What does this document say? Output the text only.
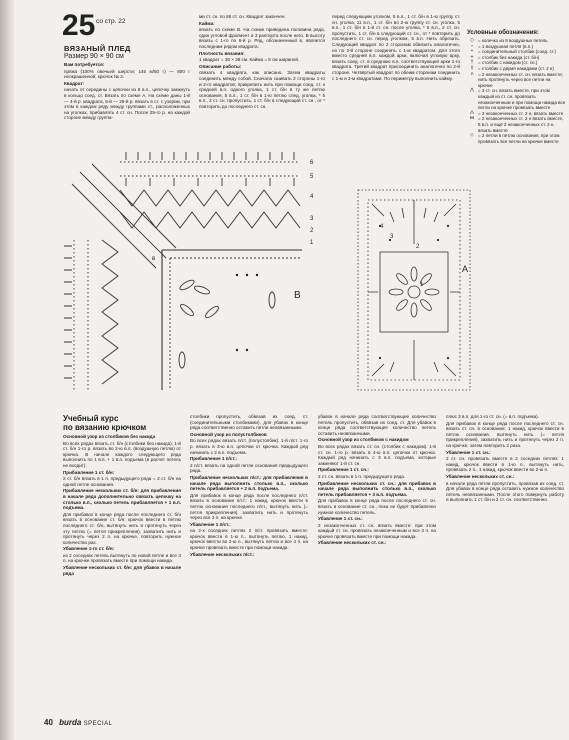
25 со стр. 22
ВЯЗАНЫЙ ПЛЕД
Размер 90 × 90 см

Вам потребуется:

пряжа (100% овечьей шерсти; 145 м/50 г) — 800 г неокрашенной; крючок № 3.

Квадрат:

начать от середины с цепочки из 8 в.п., цепочку замкнуть в кольцо соед. ст. Вязать по схеме А. На схеме даны 1-й — 4-й р. квадрата, 5-й — 25-й р. вязать в ст. с узором, при этом в каждом ряду между группами ст., расположенных на уголках, прибавлять 4 ст. сн. После 25-го р. на каждой стороне между группа-

ми ст. сн. по 85 ст. сн. Квадрат закончен.

Кайма:

вязать по схеме В. На схеме приведена половина ряда, один угловой фрагмент и 3 раппорта после него. В высоту вязать с 1-го по 6-й р. Ряд, обозначенный в, является последним рядом квадрата.

Плотность вязания:

1 квадрат = 38 × 38 см. Кайма = 6 см шириной.

Описание работы:

связать 4 квадрата, как описано. Затем квадраты соединить между собой. Сначала сшивать 2 стороны 1-го и 2-го квадратов; прикрепить нить при помощи соед. ст. к средней в.п. одного уголка, 1 ст. б/н в ту же петлю основания, 5 в.п., 1 ст. б/н в 1-ю петлю след. уголка, * 5 в.п., 2 ст. сн. пропустить, 1 ст. б/н в следующий ст. сн., от * повторить до последнего ст. сн.

перед следующим уголком, 5 в.п., 1 ст. б/н в 1-ю группу ст. сн. уголка, 11 в.п., 1 ст. б/н во 2-ю группу ст. сн. уголка, 5 в.п., 1 ст. б/н в 1-й ст. сн. после уголка, * 5 в.п., 2 ст. сн. пропустить, 1 ст. б/н в следующий ст. сн., от * повторить до последнего ст. сн. перед уголком, 5 в.п. Нить обрезать. Следующий квадрат по 2 сторонам обвязать аналогично, но по 2-й стороне соединять с 1-м квадратом. Для этого вместо средней в.п. каждой арки, включая угловую арку, вязать соед. ст. в среднюю в.п. соответствующей арки 1-го квадрата. Третий квадрат присоединить аналогично по 2-й стороне. Четвёртый квадрат по обеим сторонам соединить с 1-м и 3-м квадратами. По периметру выполнить кайму.

Условные обозначения:
○ = колечко из 8 воздушных петель
∘	= 1 воздушная петля (в.п.)
•	= соединительный столбик (соед. ст.)
+ = столбик без накида (ст. б/н)
†	= столбик с накидом (ст. сн.)
‡	= столбик с двумя накидами (ст. 2 н)
∩ = 2 незаконченных ст. сн. вязать вместе; нить протянуть через все петли на крючке
⋀ = 3 ст. сн. вязать вместе, при этом каждый из ст. сн. провязать незаконченным и при помощи накида все петли на крючке провязать вместе
⁂ = 3 незаконченных ст. 2 н, вязать вместе
⋈ = 2 незаконченных ст. 2 н вязать вместе, 5 в.п. и ещё 2 незаконченных ст. 2 н, вязать вместе
◇ = 2 петли в петлю основания, при этом провязать все петли на крючке вместе
B
в
6
5
4
3
2
1
4
3
2
1
A
Учебный курс
по вязанию крючком

Основной узор из столбиков без накида

Во всех рядах вязать ст. б/н (столбики без накида). 1-й ст. б/н 1-го р. вязать во 2-ю в.п. (воздушную петлю) от крючка. В начале каждого следующего ряда выполнить по 1 в.п. + 1 в.п. подъема (в расчет петель не входит).

Прибавление 1 ст. б/н:

2 ст. б/н вязать в 1 п. предыдущего ряда = 2 ст. б/н на одной петле основания.

Прибавление нескольких ст. б/н: для прибавления в начале ряда дополнительно связать цепочку на столько в.п., сколько петель прибавляется + 1 в.п. подъема.

Для прибавок в конце ряда после последнего ст. б/н вязать в основание ст. б/н: крючок ввести в петлю последнего ст. б/н, вытянуть нить и протянуть через эту петлю (= петля прикрепления), захватить нить и протянуть через 2 п. на крючке, повторить нужное количество раз.

Убавление 1-го ст. б/н:

из 2 соседних петель вытянуть по новой петле и все 3 п. на крючке провязать вместе при помощи накида.

Убавление нескольких ст. б/н: для убавок в начале ряда

столбики пропустить, обвязав их соед. ст. (соединительными столбиками), для убавок в конце ряда соответственно оставить петли неовязанными.

Основной узор из полустолбиков

Во всех рядах вязать п/ст. (полустолбик). 1-й п/ст. 1-го р. вязать в 3-ю в.п. цепочки от крючка. Каждый ряд начинать с 2 в.п. подъема.

Прибавление 1 п/ст.:

2 п/ст. вязать на одной петле основания предыдущего ряда.

Прибавление нескольких п/ст.: для прибавления в начале ряда выполнить столько в.п., сколько петель прибавляется + 2 в.п. подъема.

Для прибавок в конце ряда после последнего п/ст. вязать в основание п/ст.: 1 накид, крючок ввести в петлю основания последнего п/ст., вытянуть нить (= петля прикрепления), захватить нить и протянуть через все 3 п. на крючке.

Убавление 1 п/ст.:

на 2-х соседних петлях 2 п/ст. провязать вместе: крючок ввести в 1-ю п., вытянуть петлю, 1 накид, крючок ввести во 2-ю п., вытянуть петлю и все 4 п. на крючке провязать вместе при помощи накида.

Убавление нескольких п/ст.:

убавок в начале ряда соответствующее количество петель пропустить, обвязав их соед. ст. Для убавок в конце ряда соответствующее количество петель оставить неовязанными.

Основной узор из столбиков с накидом

Во всех рядах вязать ст. сн. (столбик с накидом). 1-й ст. сн. 1-го р. вязать в 4-ю в.п. цепочки от крючка. Каждый ряд начинать с 3 в.п. подъема, которые заменяют 1-й ст. сн.

Прибавление 1 ст. сн.:

2 ст. сн. вязать в 1 п. предыдущего ряда.

Прибавление нескольких ст. сн.: для прибавок в начале ряда выполнить столько в.п., сколько петель прибавляется + 3 в.п. подъема.

Для прибавок в конце ряда после последнего ст. сн. вязать в основание ст. сн., пока не будет прибавлено нужное количество петель.

Убавление 1 ст. сн.:

2 незаконченных ст. сн. вязать вместе: при этом каждый ст. сн. провязать незаконченным и все 3 п. на крючке провязать вместе при помощи накида.

Убавление нескольких ст. сн.:

плюс 3 в.п. для 1-го ст. сн. (= в.п. подъема).

Для прибавок в конце ряда после последнего ст. сн. вязать ст. сн. в основание: 1 накид, крючок ввести в петлю основания, вытянуть нить (= петля прикрепления), захватить нить и протянуть через 2 п. на крючке, затем повторить 2 раза.

Убавление 1 ст. сн.:

2 ст. сн. провязать вместе в 2 соседних петлях: 1 накид, крючок ввести в 1-ю п., вытянуть нить, провязать 2 п., 1 накид, крючок ввести во 2-ю п.

Убавление нескольких ст. сн.:

в начале ряда петли пропустить, провязав их соед. ст. Для убавок в конце ряда оставить нужное количество петель неовязанными. После этого повернуть работу и выполнить 1 ст. б/н и 2 ст. сн. соответственно.

40 burda SPECIAL
